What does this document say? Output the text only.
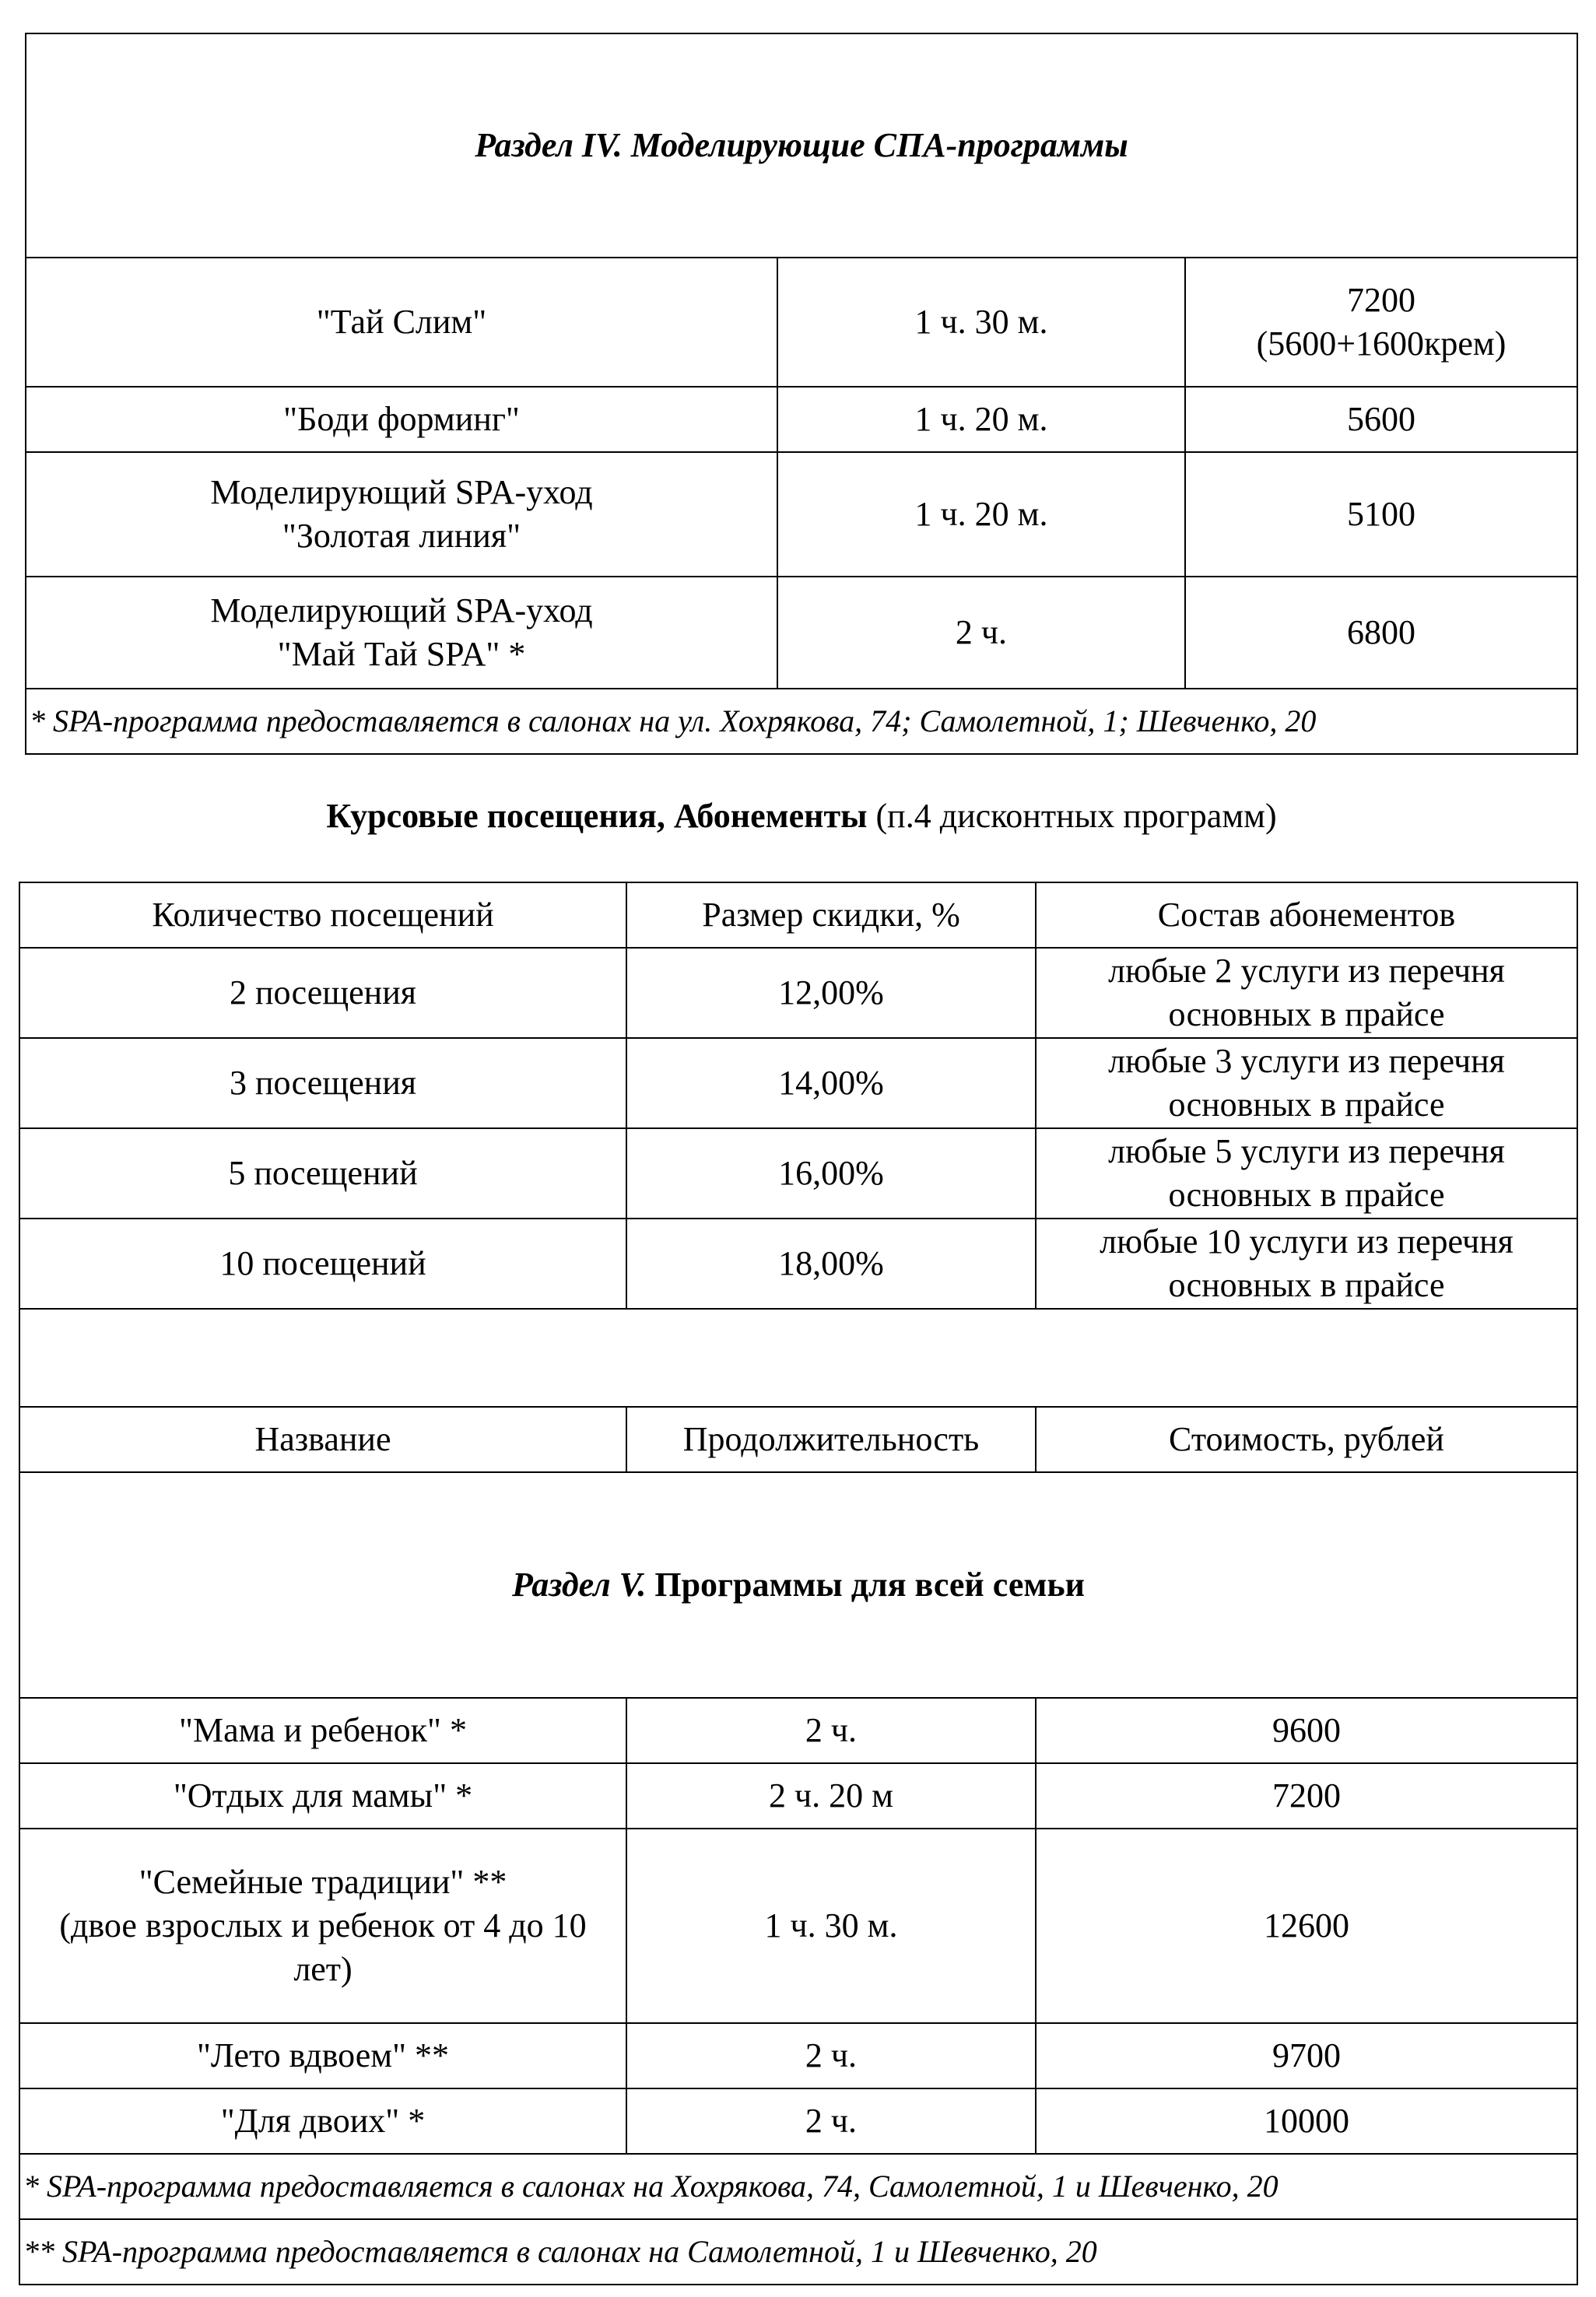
Раздел IV. Моделирующие СПА-программы		

"Тай Слим"	1 ч. 30 м.	7200
(5600+1600крем)

"Боди форминг"	1 ч. 20 м.	5600

Моделирующий SPA-уход
"Золотая линия"	1 ч. 20 м.	5100

Моделирующий SPA-уход
"Май Тай SPA" *	2 ч.	6800

* SPA-программа предоставляется в салонах на ул. Хохрякова, 74; Самолетной, 1; Шевченко, 20		
Курсовые посещения, Абонементы (п.4 дисконтных программ)
Количество посещений	Размер скидки, %	Состав абонементов
2 посещения	12,00%	любые 2 услуги из перечня
основных в прайсе

3 посещения	14,00%	любые 3 услуги из перечня
основных в прайсе

5 посещений	16,00%	любые 5 услуги из перечня
основных в прайсе

10 посещений	18,00%	любые 10 услуги из перечня
основных в прайсе

Название	Продолжительность	Стоимость, рублей
Раздел V. Программы для всей семьи		

"Мама и ребенок" *	2 ч.	9600

"Отдых для мамы" *	2 ч. 20 м	7200

"Семейные традиции" **
(двое взрослых и ребенок от 4 до 10
лет)	1 ч. 30 м.	12600

"Лето вдвоем" **	2 ч.	9700

"Для двоих" *	2 ч.	10000
* SPA-программа предоставляется в салонах на Хохрякова, 74, Самолетной, 1 и Шевченко, 20		
** SPA-программа предоставляется в салонах на Самолетной, 1 и Шевченко, 20		
